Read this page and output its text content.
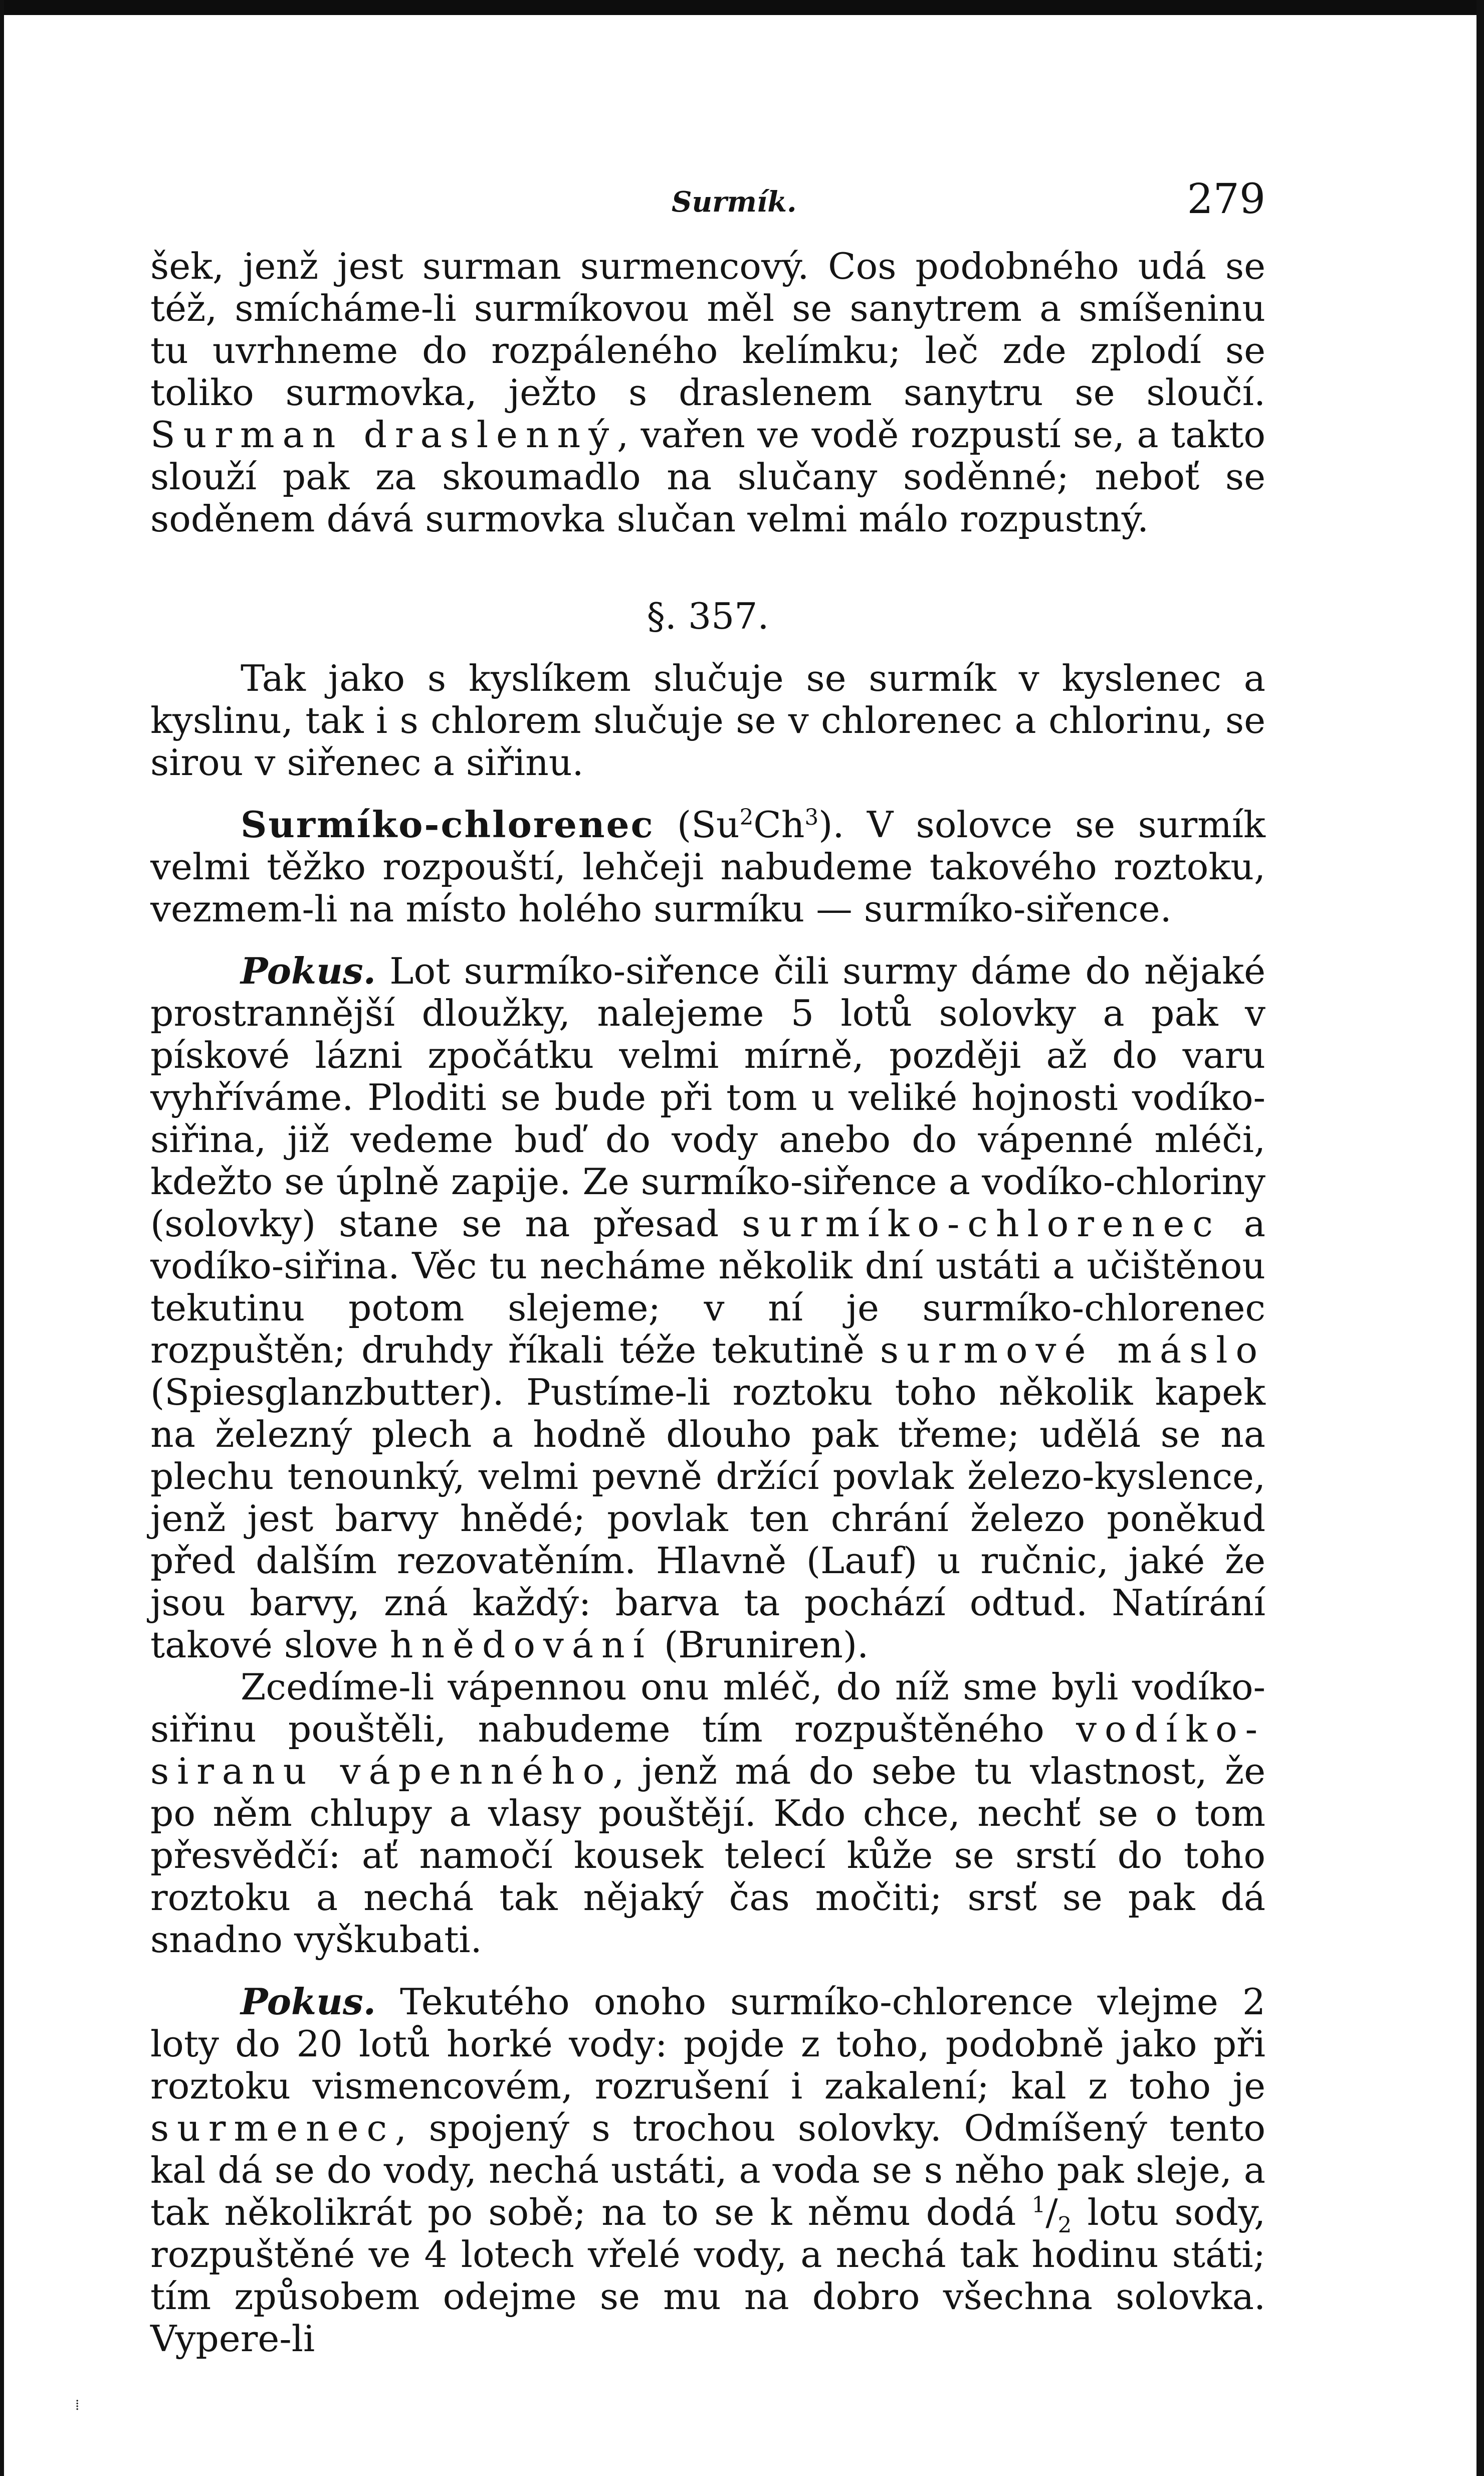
Surmík.	279

šek, jenž jest surman surmencový. Cos podobného udá se též, smícháme-li surmíkovou měl se sanytrem a smíšeninu tu uvrhneme do rozpáleného kelímku; leč zde zplodí se toliko surmovka, ježto s draslenem sanytru se sloučí. Surman draslenný, vařen ve vodě rozpustí se, a takto slouží pak za skoumadlo na slučany soděnné; neboť se soděnem dává surmovka slučan velmi málo rozpustný.

§. 357.

Tak jako s kyslíkem slučuje se surmík v kyslenec a kyslinu, tak i s chlorem slučuje se v chlorenec a chlorinu, se sirou v siřenec a siřinu.

Surmíko-chlorenec (Su$^2$Ch$^3$). V solovce se surmík velmi těžko rozpouští, lehčeji nabudeme takového roztoku, vezmem-li na místo holého surmíku — surmíko-siřence.

Pokus. Lot surmíko-siřence čili surmy dáme do nějaké prostrannější dloužky, nalejeme 5 lotů solovky a pak v pískové lázni zpočátku velmi mírně, později až do varu vyhříváme. Ploditi se bude při tom u veliké hojnosti vodíko-siřina, již vedeme buď do vody anebo do vápenné mléči, kdežto se úplně zapije. Ze surmíko-siřence a vodíko-chloriny (solovky) stane se na přesad surmíko-chlorenec a vodíko-siřina. Věc tu necháme několik dní ustáti a učištěnou tekutinu potom slejeme; v ní je surmíko-chlorenec rozpuštěn; druhdy říkali téže tekutině surmové máslo (Spiesglanzbutter). Pustíme-li roztoku toho několik kapek na železný plech a hodně dlouho pak třeme; udělá se na plechu tenounký, velmi pevně držící povlak železo-kyslence, jenž jest barvy hnědé; povlak ten chrání železo poněkud před dalším rezovatěním. Hlavně (Lauf) u ručnic, jaké že jsou barvy, zná každý: barva ta pochází odtud. Natírání takové slove hnědování (Bruniren).

Zcedíme-li vápennou onu mléč, do níž sme byli vodíko-siřinu pouštěli, nabudeme tím rozpuštěného vodíko-siranu vápenného, jenž má do sebe tu vlastnost, že po něm chlupy a vlasy pouštějí. Kdo chce, nechť se o tom přesvědčí: ať namočí kousek telecí kůže se srstí do toho roztoku a nechá tak nějaký čas močiti; srsť se pak dá snadno vyškubati.

Pokus. Tekutého onoho surmíko-chlorence vlejme 2 loty do 20 lotů horké vody: pojde z toho, podobně jako při roztoku vismencovém, rozrušení i zakalení; kal z toho je surmenec, spojený s trochou solovky. Odmíšený tento kal dá se do vody, nechá ustáti, a voda se s něho pak sleje, a tak několikrát po sobě; na to se k němu dodá $^1/_2$ lotu sody, rozpuštěné ve 4 lotech vřelé vody, a nechá tak hodinu státi; tím způsobem odejme se mu na dobro všechna solovka. Vypere-li

⁞
